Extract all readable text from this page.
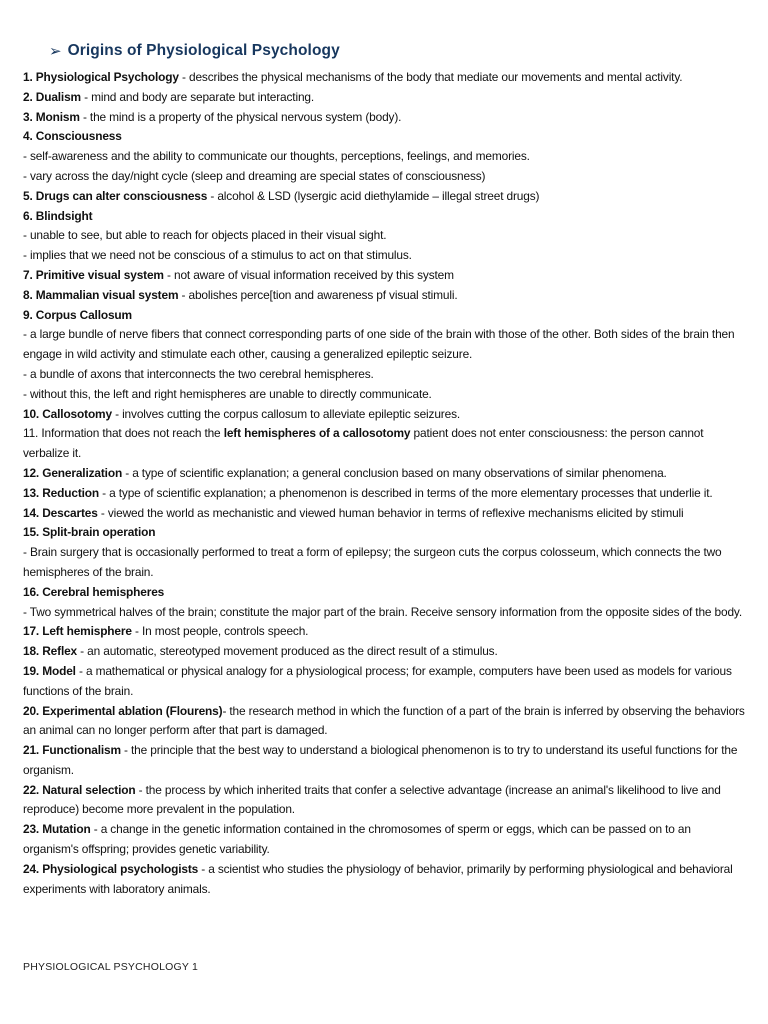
➢ Origins of Physiological Psychology
1. Physiological Psychology - describes the physical mechanisms of the body that mediate our movements and mental activity.
2. Dualism - mind and body are separate but interacting.
3. Monism - the mind is a property of the physical nervous system (body).
4. Consciousness
- self-awareness and the ability to communicate our thoughts, perceptions, feelings, and memories.
- vary across the day/night cycle (sleep and dreaming are special states of consciousness)
5. Drugs can alter consciousness - alcohol & LSD (lysergic acid diethylamide – illegal street drugs)
6. Blindsight
- unable to see, but able to reach for objects placed in their visual sight.
- implies that we need not be conscious of a stimulus to act on that stimulus.
7. Primitive visual system - not aware of visual information received by this system
8. Mammalian visual system - abolishes perce[tion and awareness pf visual stimuli.
9. Corpus Callosum
- a large bundle of nerve fibers that connect corresponding parts of one side of the brain with those of the other. Both sides of the brain then engage in wild activity and stimulate each other, causing a generalized epileptic seizure.
- a bundle of axons that interconnects the two cerebral hemispheres.
- without this, the left and right hemispheres are unable to directly communicate.
10. Callosotomy - involves cutting the corpus callosum to alleviate epileptic seizures.
11. Information that does not reach the left hemispheres of a callosotomy patient does not enter consciousness: the person cannot verbalize it.
12. Generalization - a type of scientific explanation; a general conclusion based on many observations of similar phenomena.
13. Reduction - a type of scientific explanation; a phenomenon is described in terms of the more elementary processes that underlie it.
14. Descartes - viewed the world as mechanistic and viewed human behavior in terms of reflexive mechanisms elicited by stimuli
15. Split-brain operation
- Brain surgery that is occasionally performed to treat a form of epilepsy; the surgeon cuts the corpus colosseum, which connects the two hemispheres of the brain.
16. Cerebral hemispheres
- Two symmetrical halves of the brain; constitute the major part of the brain. Receive sensory information from the opposite sides of the body.
17. Left hemisphere - In most people, controls speech.
18. Reflex - an automatic, stereotyped movement produced as the direct result of a stimulus.
19. Model - a mathematical or physical analogy for a physiological process; for example, computers have been used as models for various functions of the brain.
20. Experimental ablation (Flourens)- the research method in which the function of a part of the brain is inferred by observing the behaviors an animal can no longer perform after that part is damaged.
21. Functionalism - the principle that the best way to understand a biological phenomenon is to try to understand its useful functions for the organism.
22. Natural selection - the process by which inherited traits that confer a selective advantage (increase an animal's likelihood to live and reproduce) become more prevalent in the population.
23. Mutation - a change in the genetic information contained in the chromosomes of sperm or eggs, which can be passed on to an organism's offspring; provides genetic variability.
24. Physiological psychologists - a scientist who studies the physiology of behavior, primarily by performing physiological and behavioral experiments with laboratory animals.
PHYSIOLOGICAL PSYCHOLOGY 1
